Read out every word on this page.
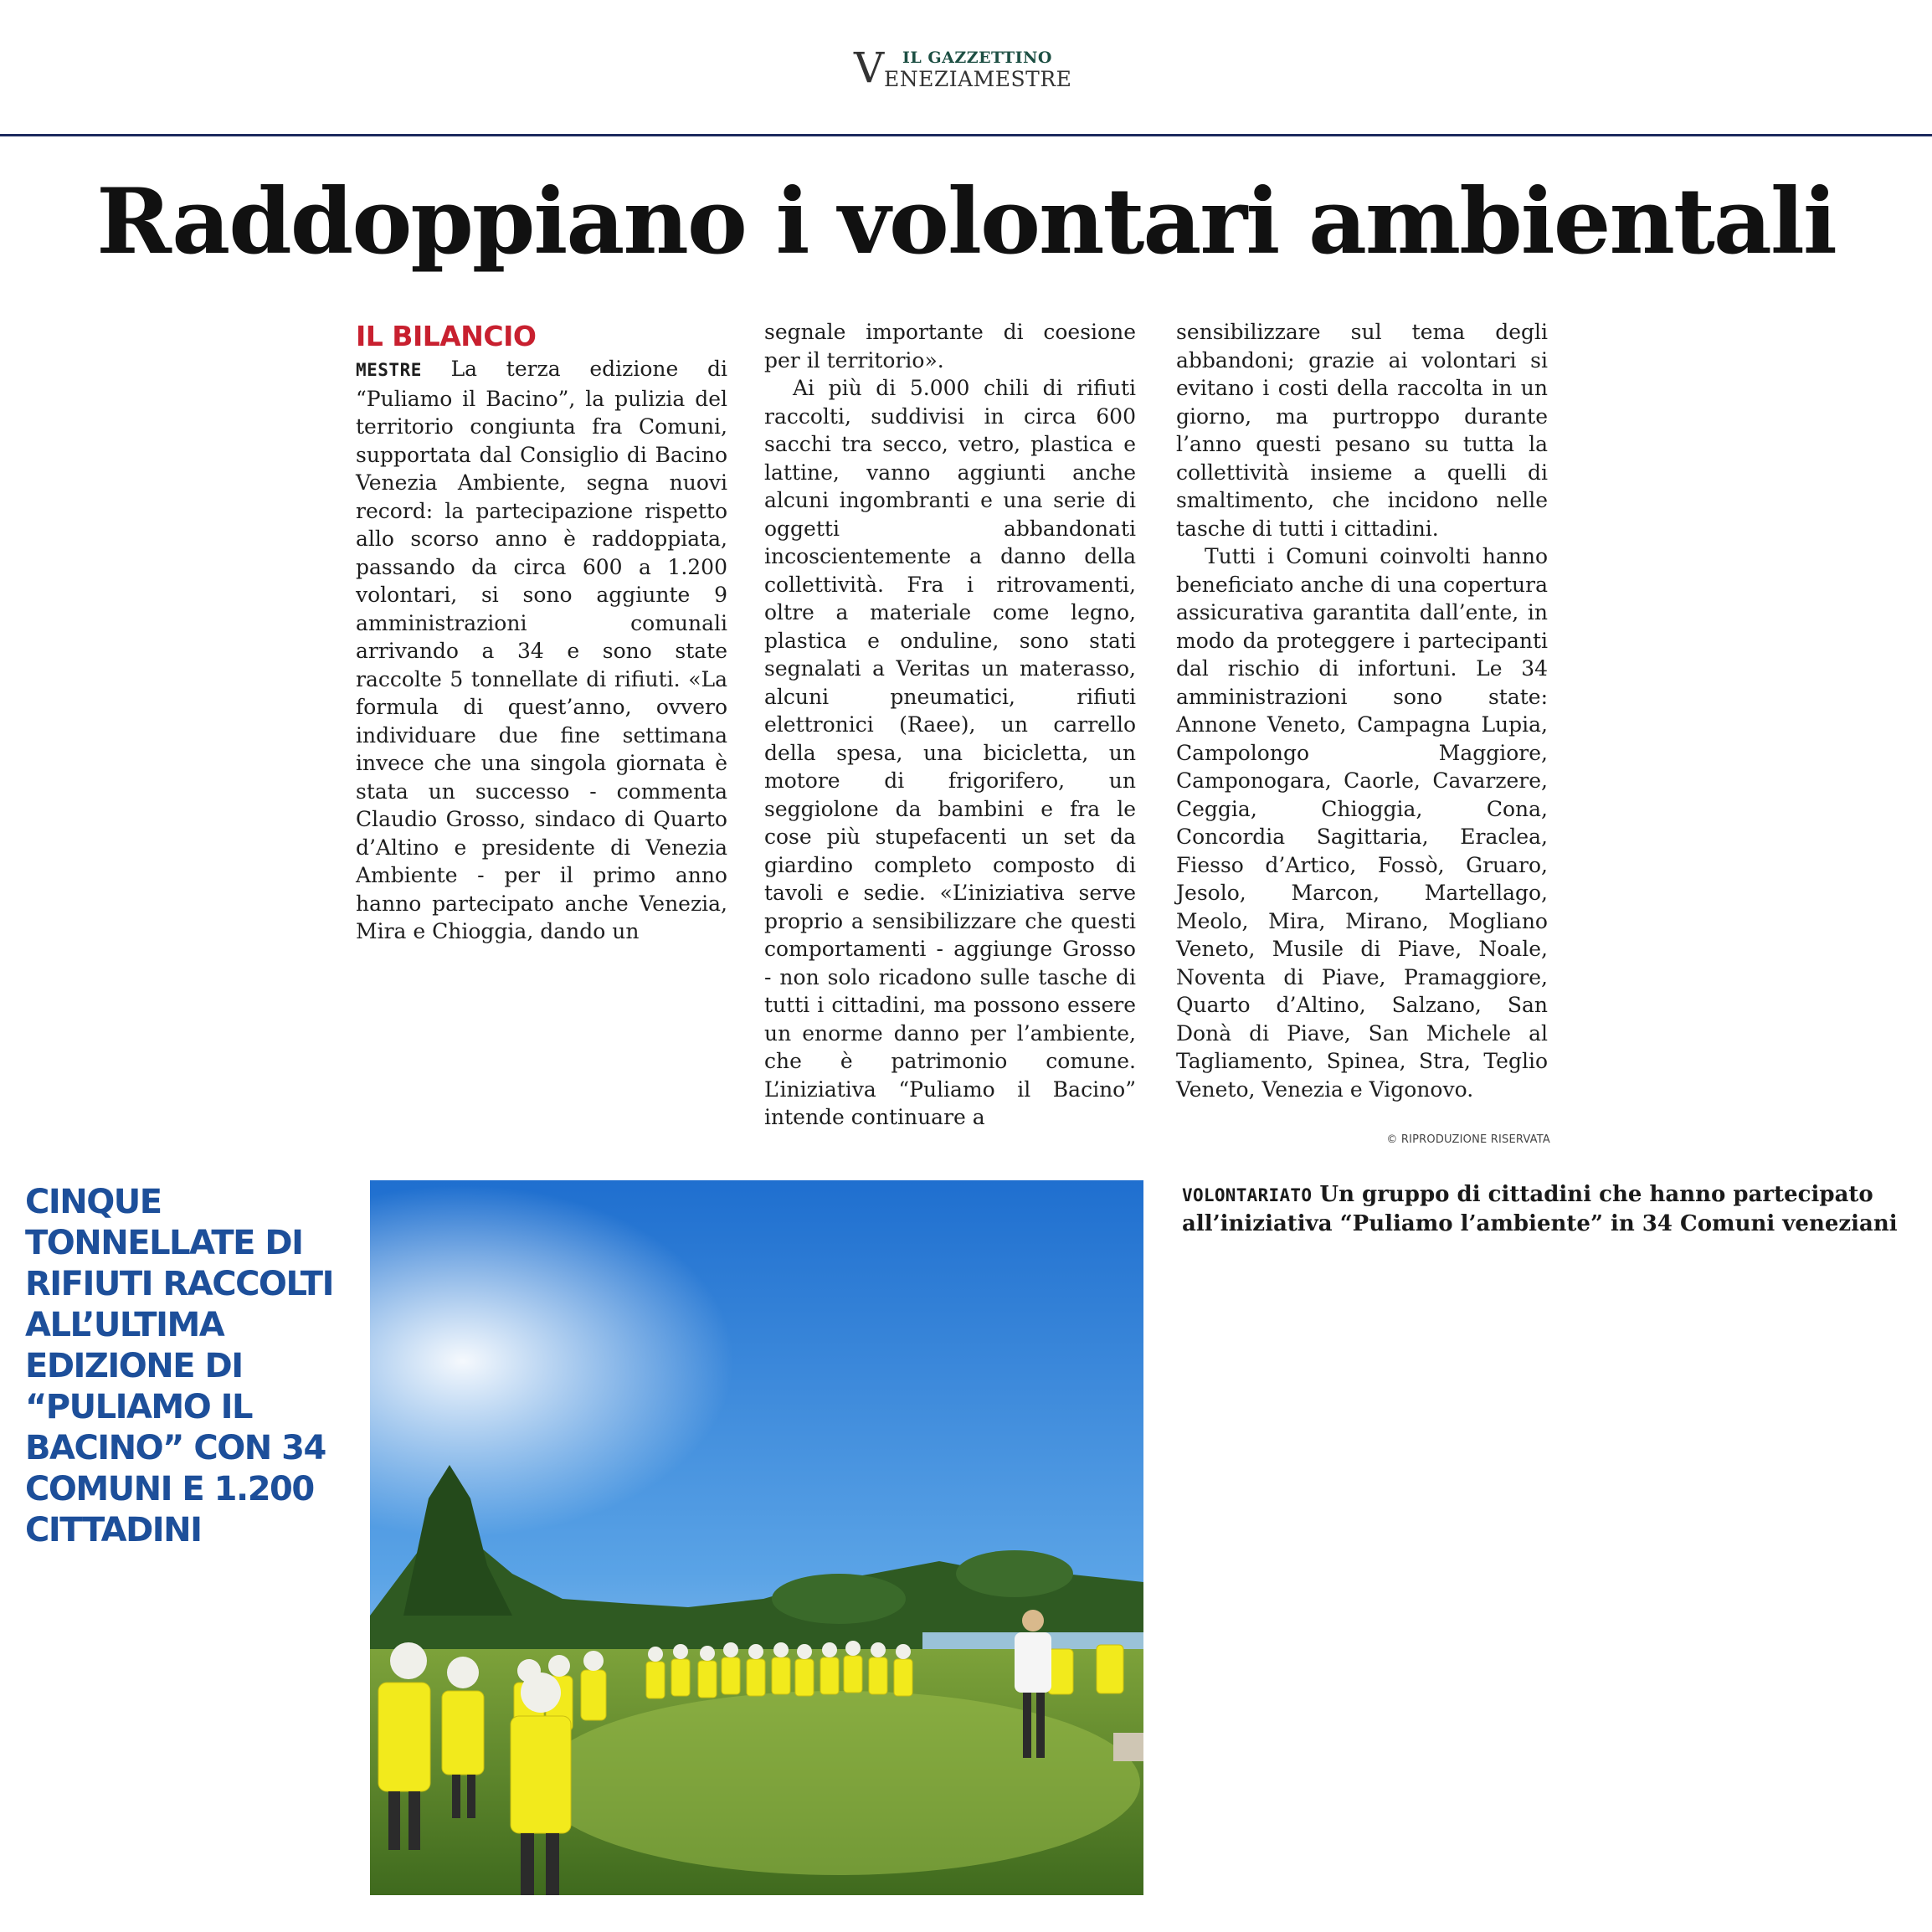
V IL GAZZETTINO
ENEZIAMESTRE
Raddoppiano i volontari ambientali

IL BILANCIO

MESTRE La terza edizione di “Puliamo il Bacino”, la pulizia del territorio congiunta fra Comuni, supportata dal Consiglio di Bacino Venezia Ambiente, segna nuovi record: la partecipazione rispetto allo scorso anno è raddoppiata, passando da circa 600 a 1.200 volontari, si sono aggiunte 9 amministrazioni comunali arrivando a 34 e sono state raccolte 5 tonnellate di rifiuti. «La formula di quest’anno, ovvero individuare due fine settimana invece che una singola giornata è stata un successo - commenta Claudio Grosso, sindaco di Quarto d’Altino e presidente di Venezia Ambiente - per il primo anno hanno partecipato anche Venezia, Mira e Chioggia, dando un

segnale importante di coesione per il territorio».

Ai più di 5.000 chili di rifiuti raccolti, suddivisi in circa 600 sacchi tra secco, vetro, plastica e lattine, vanno aggiunti anche alcuni ingombranti e una serie di oggetti abbandonati incoscientemente a danno della collettività. Fra i ritrovamenti, oltre a materiale come legno, plastica e onduline, sono stati segnalati a Veritas un materasso, alcuni pneumatici, rifiuti elettronici (Raee), un carrello della spesa, una bicicletta, un motore di frigorifero, un seggiolone da bambini e fra le cose più stupefacenti un set da giardino completo composto di tavoli e sedie. «L’iniziativa serve proprio a sensibilizzare che questi comportamenti - aggiunge Grosso - non solo ricadono sulle tasche di tutti i cittadini, ma possono essere un enorme danno per l’ambiente, che è patrimonio comune. L’iniziativa “Puliamo il Bacino” intende continuare a

sensibilizzare sul tema degli abbandoni; grazie ai volontari si evitano i costi della raccolta in un giorno, ma purtroppo durante l’anno questi pesano su tutta la collettività insieme a quelli di smaltimento, che incidono nelle tasche di tutti i cittadini.

Tutti i Comuni coinvolti hanno beneficiato anche di una copertura assicurativa garantita dall’ente, in modo da proteggere i partecipanti dal rischio di infortuni. Le 34 amministrazioni sono state: Annone Veneto, Campagna Lupia, Campolongo Maggiore, Camponogara, Caorle, Cavarzere, Ceggia, Chioggia, Cona, Concordia Sagittaria, Eraclea, Fiesso d’Artico, Fossò, Gruaro, Jesolo, Marcon, Martellago, Meolo, Mira, Mirano, Mogliano Veneto, Musile di Piave, Noale, Noventa di Piave, Pramaggiore, Quarto d’Altino, Salzano, San Donà di Piave, San Michele al Tagliamento, Spinea, Stra, Teglio Veneto, Venezia e Vigonovo.

© RIPRODUZIONE RISERVATA

CINQUE TONNELLATE DI RIFIUTI RACCOLTI ALL’ULTIMA EDIZIONE DI “PULIAMO IL BACINO” CON 34 COMUNI E 1.200 CITTADINI

VOLONTARIATO Un gruppo di cittadini che hanno partecipato all’iniziativa “Puliamo l’ambiente” in 34 Comuni veneziani
